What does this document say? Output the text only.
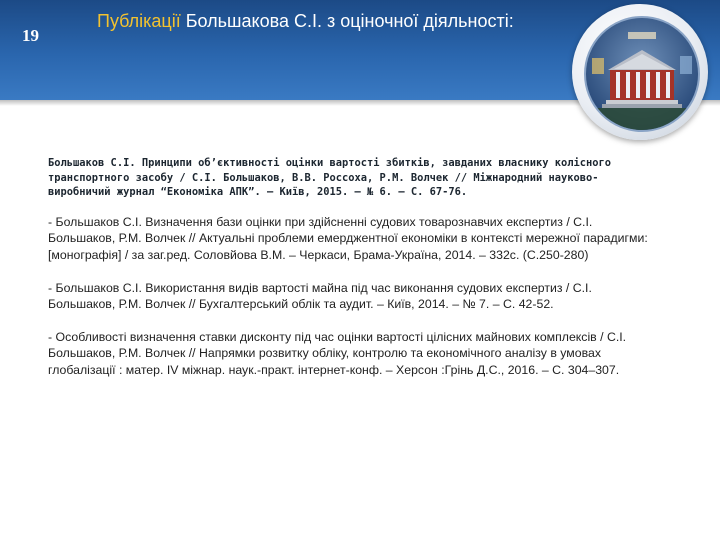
19
Публікації Большакова С.І. з оціночної діяльності:

Большаков С.І. Принципи об’єктивності оцінки вартості збитків, завданих власнику колісного транспортного засобу / С.І. Большаков, В.В. Россоха, Р.М. Волчек // Міжнародний науково-виробничий журнал “Економіка АПК”. – Київ, 2015. – № 6. – С. 67-76.

- Большаков С.І. Визначення бази оцінки при здійсненні судових товарознавчих експертиз / С.І. Большаков, Р.М. Волчек // Актуальні проблеми емерджентної економіки в контексті мережної парадигми: [монографія] / за заг.ред. Соловйова В.М. – Черкаси, Брама-Україна, 2014. – 332с. (С.250-280)

- Большаков С.І. Використання видів вартості майна під час виконання судових експертиз / С.І. Большаков, Р.М. Волчек // Бухгалтерський облік та аудит. – Київ, 2014. – № 7. – С. 42-52.

- Особливості визначення ставки дисконту під час оцінки вартості цілісних майнових комплексів / С.І. Большаков, Р.М. Волчек // Напрямки розвитку обліку, контролю та економічного аналізу в умовах глобалізації : матер. IV міжнар. наук.-практ. інтернет-конф. – Херсон :Грінь Д.С., 2016. – С. 304–307.
